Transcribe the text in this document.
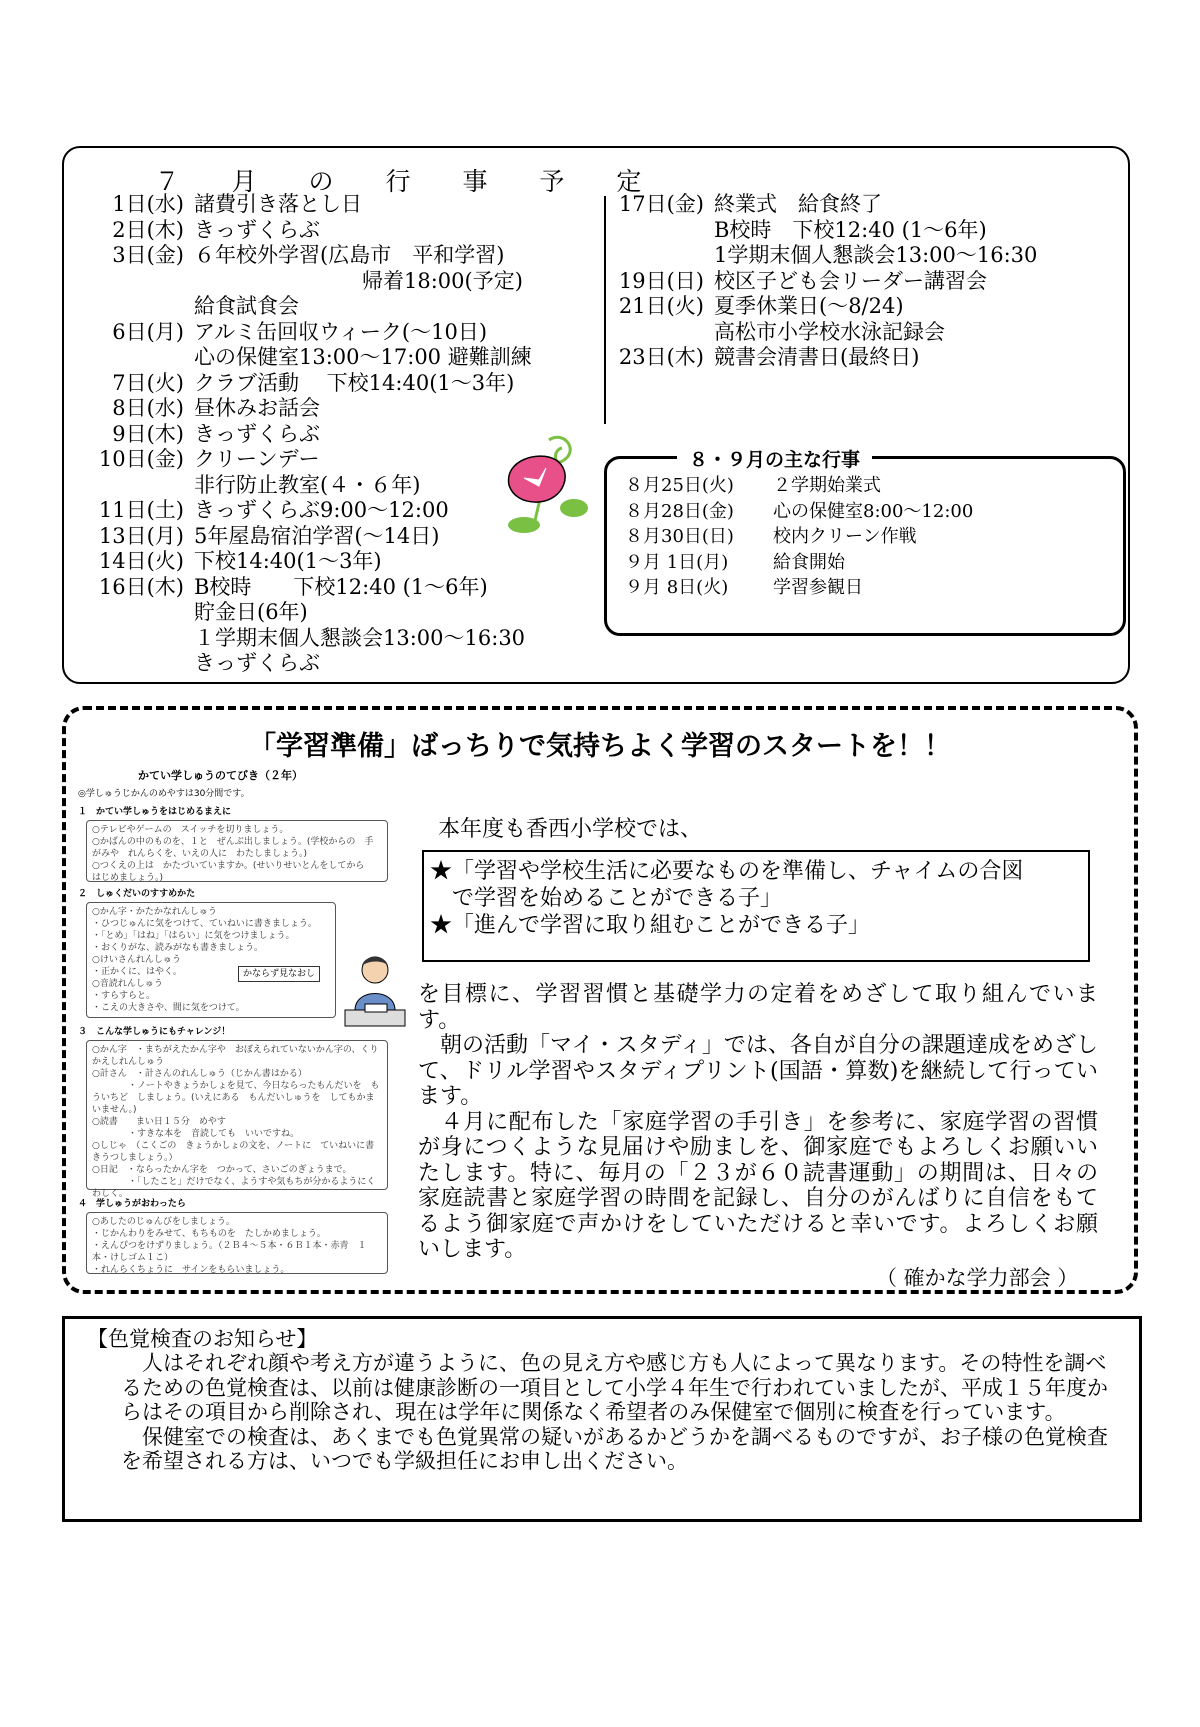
７ 月 の 行 事 予 定
1日(水) 諸費引き落とし日
2日(木) きっずくらぶ
3日(金) ６年校外学習(広島市　平和学習)
　　　　　　　　帰着18:00(予定)
給食試食会
6日(月) アルミ缶回収ウィーク(～10日)
心の保健室13:00～17:00 避難訓練
7日(火) クラブ活動　 下校14:40(1～3年)
8日(水) 昼休みお話会
9日(木) きっずくらぶ
10日(金) クリーンデー
非行防止教室(４・６年)
11日(土) きっずくらぶ9:00～12:00
13日(月) 5年屋島宿泊学習(～14日)
14日(火) 下校14:40(1～3年)
16日(木) B校時　　下校12:40 (1～6年)
貯金日(6年)
１学期末個人懇談会13:00～16:30
きっずくらぶ
17日(金) 終業式　給食終了
B校時　下校12:40 (1～6年)
1学期末個人懇談会13:00～16:30
19日(日) 校区子ども会リーダー講習会
21日(火) 夏季休業日(～8/24)
高松市小学校水泳記録会
23日(木) 競書会清書日(最終日)
８・９月の主な行事
８月25日(火)	２学期始業式
８月28日(金)	心の保健室8:00～12:00
８月30日(日)	校内クリーン作戦
９月 1日(月)	給食開始
９月 8日(火)	学習参観日
「学習準備」ばっちりで気持ちよく学習のスタートを！！
かてい学しゅうのてびき（２年）
◎学しゅうじかんのめやすは30分間です。
１　かてい学しゅうをはじめるまえに
○テレビやゲームの　スイッチを切りましょう。
○かばんの中のものを、１と　ぜんぶ出しましょう。(学校からの　手がみや　れんらくを、いえの人に　わたしましょう。)
○つくえの上は　かたづいていますか。(せいりせいとんをしてから　はじめましょう。)
２　しゅくだいのすすめかた
○かん字・かたかなれんしゅう
・ひつじゅんに気をつけて、ていねいに書きましょう。
・「とめ」「はね」「はらい」に気をつけましょう。
・おくりがな、読みがなも書きましょう。
○けいさんれんしゅう
・正かくに、はやく。
○音読れんしゅう
・すらすらと。
・こえの大きさや、間に気をつけて。
かならず見なおし
３　こんな学しゅうにもチャレンジ！
○かん字　・まちがえたかん字や　おぼえられていないかん字の、くりかえしれんしゅう
○計さん　・計さんのれんしゅう（じかん書はかる）
　　　　・ノートやきょうかしょを見て、今日ならったもんだいを　もういちど　しましょう。(いえにある　もんだいしゅうを　してもかまいません。)
○読書　　まい日１５分　めやす
　　　　・すきな本を　音読しても　いいですね。
○しじゃ　（こくごの　きょうかしょの文を、ノートに　ていねいに書きうつしましょう。）
○日記　・ならったかん字を　つかって、さいごのぎょうまで。
　　　　・「したこと」だけでなく、ようすや気もちが分かるようにくわしく。
４　学しゅうがおわったら
○あしたのじゅんびをしましょう。
・じかんわりをみせて、もちものを　たしかめましょう。
・えんぴつをけずりましょう。（２Ｂ４～５本・６Ｂ１本・赤青　１本・けしゴム１こ）
・れんらくちょうに　サインをもらいましょう。
本年度も香西小学校では、
★「学習や学校生活に必要なものを準備し、チャイムの合図
　で学習を始めることができる子」
★「進んで学習に取り組むことができる子」

を目標に、学習習慣と基礎学力の定着をめざして取り組んでいます。

　朝の活動「マイ・スタディ」では、各自が自分の課題達成をめざして、ドリル学習やスタディプリント(国語・算数)を継続して行っています。

　４月に配布した「家庭学習の手引き」を参考に、家庭学習の習慣が身につくような見届けや励ましを、御家庭でもよろしくお願いいたします。特に、毎月の「２３が６０読書運動」の期間は、日々の家庭読書と家庭学習の時間を記録し、自分のがんばりに自信をもてるよう御家庭で声かけをしていただけると幸いです。よろしくお願いします。

（ 確かな学力部会 ）
【色覚検査のお知らせ】

人はそれぞれ顔や考え方が違うように、色の見え方や感じ方も人によって異なります。その特性を調べるための色覚検査は、以前は健康診断の一項目として小学４年生で行われていましたが、平成１５年度からはその項目から削除され、現在は学年に関係なく希望者のみ保健室で個別に検査を行っています。

保健室での検査は、あくまでも色覚異常の疑いがあるかどうかを調べるものですが、お子様の色覚検査を希望される方は、いつでも学級担任にお申し出ください。
